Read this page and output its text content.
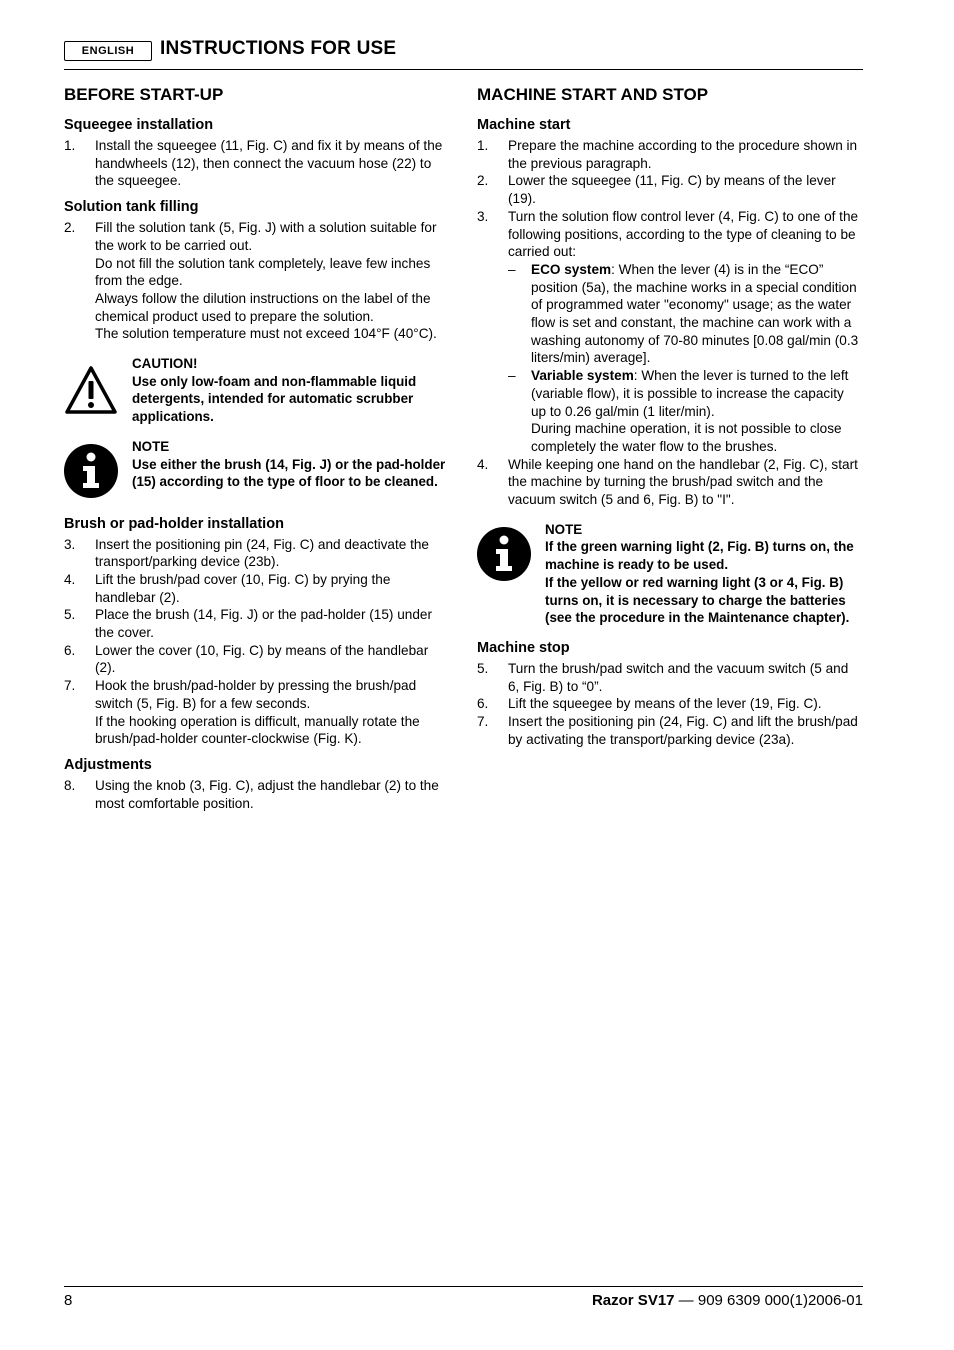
ENGLISH	INSTRUCTIONS FOR USE
BEFORE START-UP
Squeegee installation
1.	Install the squeegee (11, Fig. C) and fix it by means of the handwheels (12), then connect the vacuum hose (22) to the squeegee.
Solution tank filling
2.	Fill the solution tank (5, Fig. J) with a solution suitable for the work to be carried out.

Do not fill the solution tank completely, leave few inches from the edge.

Always follow the dilution instructions on the label of the chemical product used to prepare the solution.

The solution temperature must not exceed 104°F (40°C).

CAUTION!

Use only low-foam and non-flammable liquid detergents, intended for automatic scrubber applications.

NOTE

Use either the brush (14, Fig. J) or the pad-holder (15) according to the type of floor to be cleaned.

Brush or pad-holder installation
3.	Insert the positioning pin (24, Fig. C) and deactivate the transport/parking device (23b).
4.	Lift the brush/pad cover (10, Fig. C) by prying the handlebar (2).
5.	Place the brush (14, Fig. J) or the pad-holder (15) under the cover.
6.	Lower the cover (10, Fig. C) by means of the handlebar (2).
7.	Hook the brush/pad-holder by pressing the brush/pad switch (5, Fig. B) for a few seconds.

If the hooking operation is difficult, manually rotate the brush/pad-holder counter-clockwise (Fig. K).

Adjustments
8.	Using the knob (3, Fig. C), adjust the handlebar (2) to the most comfortable position.
MACHINE START AND STOP
Machine start
1.	Prepare the machine according to the procedure shown in the previous paragraph.
2.	Lower the squeegee (11, Fig. C) by means of the lever (19).
3.	Turn the solution flow control lever (4, Fig. C) to one of the following positions, according to the type of cleaning to be carried out:

–	ECO system: When the lever (4) is in the “ECO” position (5a), the machine works in a special condition of programmed water "economy" usage; as the water flow is set and constant, the machine can work with a washing autonomy of 70-80 minutes [0.08 gal/min (0.3 liters/min) average].
–	Variable system: When the lever is turned to the left (variable flow), it is possible to increase the capacity up to 0.26 gal/min (1 liter/min).

During machine operation, it is not possible to close completely the water flow to the brushes.

4.	While keeping one hand on the handlebar (2, Fig. C), start the machine by turning the brush/pad switch and the vacuum switch (5 and 6, Fig. B) to "I".

NOTE

If the green warning light (2, Fig. B) turns on, the machine is ready to be used.

If the yellow or red warning light (3 or 4, Fig. B) turns on, it is necessary to charge the batteries (see the procedure in the Maintenance chapter).

Machine stop
5.	Turn the brush/pad switch and the vacuum switch (5 and 6, Fig. B) to “0”.
6.	Lift the squeegee by means of the lever (19, Fig. C).
7.	Insert the positioning pin (24, Fig. C) and lift the brush/pad by activating the transport/parking device (23a).
8	Razor SV17 — 909 6309 000(1)2006-01
